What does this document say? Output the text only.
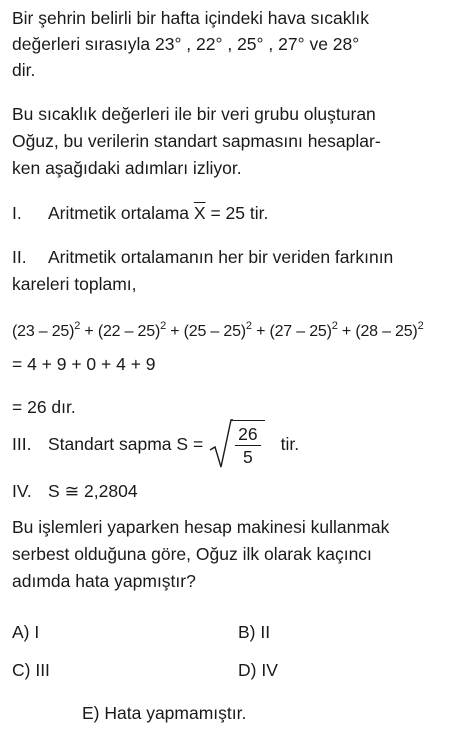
Bir şehrin belirli bir hafta içindeki hava sıcaklık
değerleri sırasıyla 23° , 22° , 25° , 27° ve 28°
dir.
Bu sıcaklık değerleri ile bir veri grubu oluşturan
Oğuz, bu verilerin standart sapmasını hesaplar-
ken aşağıdaki adımları izliyor.
I. Aritmetik ortalama $\overline{X} = 25$ tir.
II. Aritmetik ortalamanın her bir veriden farkının
kareleri toplamı,
(23 – 25)$^2$ + (22 – 25)$^2$ + (25 – 25)$^2$ + (27 – 25)$^2$ + (28 – 25)$^2$
= 4 + 9 + 0 + 4 + 9
= 26 dır.
III. Standart sapma $S = \frac{26}{5}$ tir.
IV. S ≅ 2,2804
Bu işlemleri yaparken hesap makinesi kullanmak
serbest olduğuna göre, Oğuz ilk olarak kaçıncı
adımda hata yapmıştır?
A) I	B) II
C) III	D) IV
E) Hata yapmamıştır.
